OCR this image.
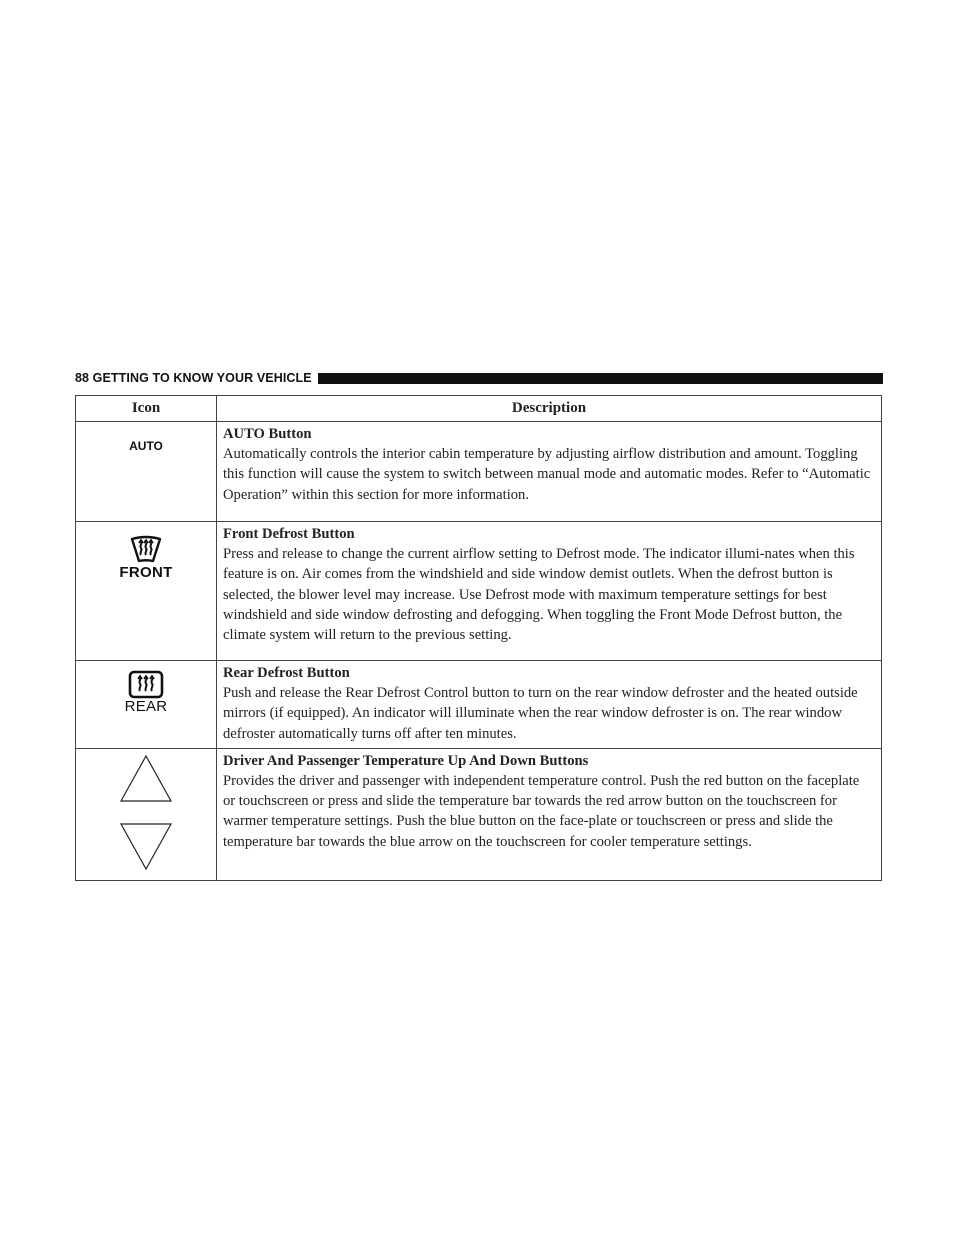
88 GETTING TO KNOW YOUR VEHICLE
Icon	Description
AUTO	AUTO Button
Automatically controls the interior cabin temperature by adjusting airflow distribution and amount. Toggling this function will cause the system to switch between manual mode and automatic modes. Refer to “Automatic Operation” within this section for more information.

FRONT	Front Defrost Button
Press and release to change the current airflow setting to Defrost mode. The indicator illumi-nates when this feature is on. Air comes from the windshield and side window demist outlets. When the defrost button is selected, the blower level may increase. Use Defrost mode with maximum temperature settings for best windshield and side window defrosting and defogging. When toggling the Front Mode Defrost button, the climate system will return to the previous setting.

REAR	Rear Defrost Button
Push and release the Rear Defrost Control button to turn on the rear window defroster and the heated outside mirrors (if equipped). An indicator will illuminate when the rear window defroster is on. The rear window defroster automatically turns off after ten minutes.

Driver And Passenger Temperature Up And Down Buttons
Provides the driver and passenger with independent temperature control. Push the red button on the faceplate or touchscreen or press and slide the temperature bar towards the red arrow button on the touchscreen for warmer temperature settings. Push the blue button on the face-plate or touchscreen or press and slide the temperature bar towards the blue arrow on the touchscreen for cooler temperature settings.
